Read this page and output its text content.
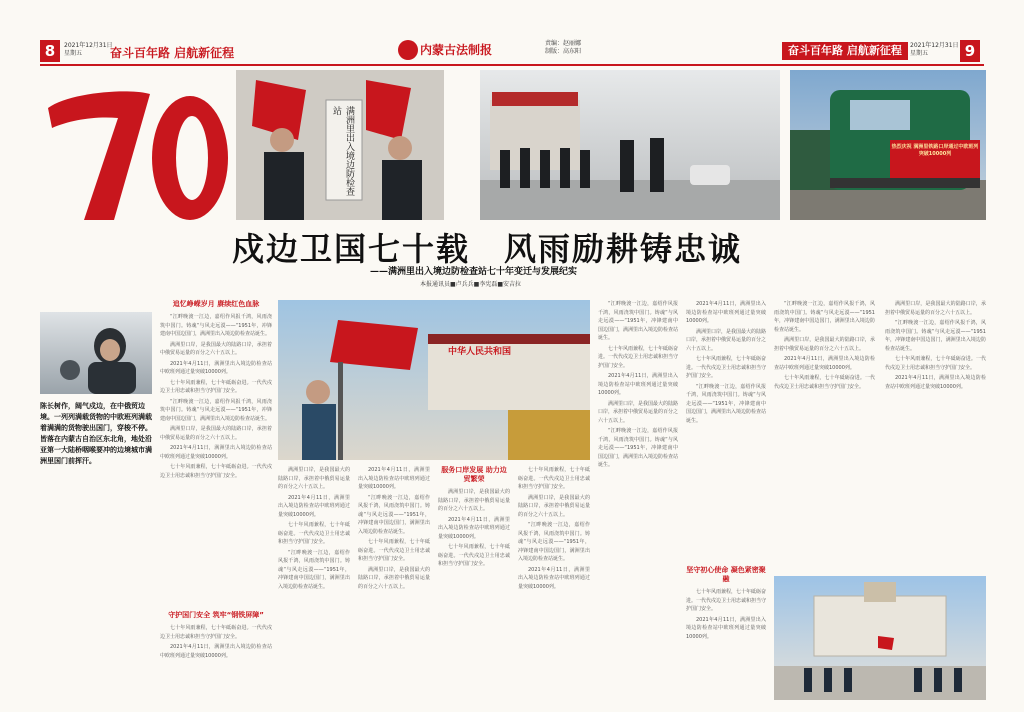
8	2021年12月31日
星期五	奋斗百年路 启航新征程	内蒙古法制报	责编：赵丽娜
制版：高东阳	奋斗百年路 启航新征程	2021年12月31日
星期五	9
满洲里出入境边防检查站
热烈庆祝 满洲里铁路口岸通过中欧班列突破10000列
戍边卫国七十载　风雨励耕铸忠诚
——满洲里出入境边防检查站七十年变迁与发展纪实
本报通讯员■卢兵兵■李宪磊■安吉拉
陈长树作，阔气戍边，在中俄贸边境。一列列满载货物的中欧班列满载着满满的货物驶出国门，穿梭不停。皆落在内蒙古自治区东北角，地处沿亚第一大陆桥咽喉要冲的边境城市满洲里国门前挥汗。
追忆峥嵘岁月 赓续红色血脉

“江畔晚渡一江边，嘉绍作风报千鸿，风雨浇筑中国门。铸魂“与风走远漠——“1951年，冲锋建南中国边国门，满洲里出入境边防检查站诞生。

满洲里口岸，是我国最大的陆路口岸，承担着中俄贸易运量的百分之六十五以上。

2021年4月11日，满洲里出入境边防检查站中欧班列通过量突破10000列。

七十年风雨兼程，七十年砥砺奋进。一代代戍边卫士用忠诚和担当守护国门安全。

“江畔晚渡一江边，嘉绍作风报千鸿，风雨浇筑中国门。铸魂“与风走远漠——“1951年，冲锋建南中国边国门，满洲里出入境边防检查站诞生。

满洲里口岸，是我国最大的陆路口岸，承担着中俄贸易运量的百分之六十五以上。

2021年4月11日，满洲里出入境边防检查站中欧班列通过量突破10000列。

七十年风雨兼程，七十年砥砺奋进。一代代戍边卫士用忠诚和担当守护国门安全。

守护国门安全 筑牢“钢铁屏障”

七十年风雨兼程，七十年砥砺奋进。一代代戍边卫士用忠诚和担当守护国门安全。

2021年4月11日，满洲里出入境边防检查站中欧班列通过量突破10000列。

中华人民共和国

满洲里口岸，是我国最大的陆路口岸，承担着中俄贸易运量的百分之六十五以上。

2021年4月11日，满洲里出入境边防检查站中欧班列通过量突破10000列。

七十年风雨兼程，七十年砥砺奋进。一代代戍边卫士用忠诚和担当守护国门安全。

“江畔晚渡一江边，嘉绍作风报千鸿，风雨浇筑中国门。铸魂“与风走远漠——“1951年，冲锋建南中国边国门，满洲里出入境边防检查站诞生。

2021年4月11日，满洲里出入境边防检查站中欧班列通过量突破10000列。

“江畔晚渡一江边，嘉绍作风报千鸿，风雨浇筑中国门。铸魂“与风走远漠——“1951年，冲锋建南中国边国门，满洲里出入境边防检查站诞生。

七十年风雨兼程，七十年砥砺奋进。一代代戍边卫士用忠诚和担当守护国门安全。

满洲里口岸，是我国最大的陆路口岸，承担着中俄贸易运量的百分之六十五以上。

服务口岸发展 助力边贸繁荣

满洲里口岸，是我国最大的陆路口岸，承担着中俄贸易运量的百分之六十五以上。

2021年4月11日，满洲里出入境边防检查站中欧班列通过量突破10000列。

七十年风雨兼程，七十年砥砺奋进。一代代戍边卫士用忠诚和担当守护国门安全。

七十年风雨兼程，七十年砥砺奋进。一代代戍边卫士用忠诚和担当守护国门安全。

满洲里口岸，是我国最大的陆路口岸，承担着中俄贸易运量的百分之六十五以上。

“江畔晚渡一江边，嘉绍作风报千鸿，风雨浇筑中国门。铸魂“与风走远漠——“1951年，冲锋建南中国边国门，满洲里出入境边防检查站诞生。

2021年4月11日，满洲里出入境边防检查站中欧班列通过量突破10000列。

“江畔晚渡一江边，嘉绍作风报千鸿，风雨浇筑中国门。铸魂“与风走远漠——“1951年，冲锋建南中国边国门，满洲里出入境边防检查站诞生。

七十年风雨兼程，七十年砥砺奋进。一代代戍边卫士用忠诚和担当守护国门安全。

2021年4月11日，满洲里出入境边防检查站中欧班列通过量突破10000列。

满洲里口岸，是我国最大的陆路口岸，承担着中俄贸易运量的百分之六十五以上。

“江畔晚渡一江边，嘉绍作风报千鸿，风雨浇筑中国门。铸魂“与风走远漠——“1951年，冲锋建南中国边国门，满洲里出入境边防检查站诞生。

2021年4月11日，满洲里出入境边防检查站中欧班列通过量突破10000列。

满洲里口岸，是我国最大的陆路口岸，承担着中俄贸易运量的百分之六十五以上。

七十年风雨兼程，七十年砥砺奋进。一代代戍边卫士用忠诚和担当守护国门安全。

“江畔晚渡一江边，嘉绍作风报千鸿，风雨浇筑中国门。铸魂“与风走远漠——“1951年，冲锋建南中国边国门，满洲里出入境边防检查站诞生。

坚守初心使命 凝色紧密聚融

七十年风雨兼程，七十年砥砺奋进。一代代戍边卫士用忠诚和担当守护国门安全。

2021年4月11日，满洲里出入境边防检查站中欧班列通过量突破10000列。

“江畔晚渡一江边，嘉绍作风报千鸿，风雨浇筑中国门。铸魂“与风走远漠——“1951年，冲锋建南中国边国门，满洲里出入境边防检查站诞生。

满洲里口岸，是我国最大的陆路口岸，承担着中俄贸易运量的百分之六十五以上。

2021年4月11日，满洲里出入境边防检查站中欧班列通过量突破10000列。

七十年风雨兼程，七十年砥砺奋进。一代代戍边卫士用忠诚和担当守护国门安全。

满洲里口岸，是我国最大的陆路口岸，承担着中俄贸易运量的百分之六十五以上。

“江畔晚渡一江边，嘉绍作风报千鸿，风雨浇筑中国门。铸魂“与风走远漠——“1951年，冲锋建南中国边国门，满洲里出入境边防检查站诞生。

七十年风雨兼程，七十年砥砺奋进。一代代戍边卫士用忠诚和担当守护国门安全。

2021年4月11日，满洲里出入境边防检查站中欧班列通过量突破10000列。
